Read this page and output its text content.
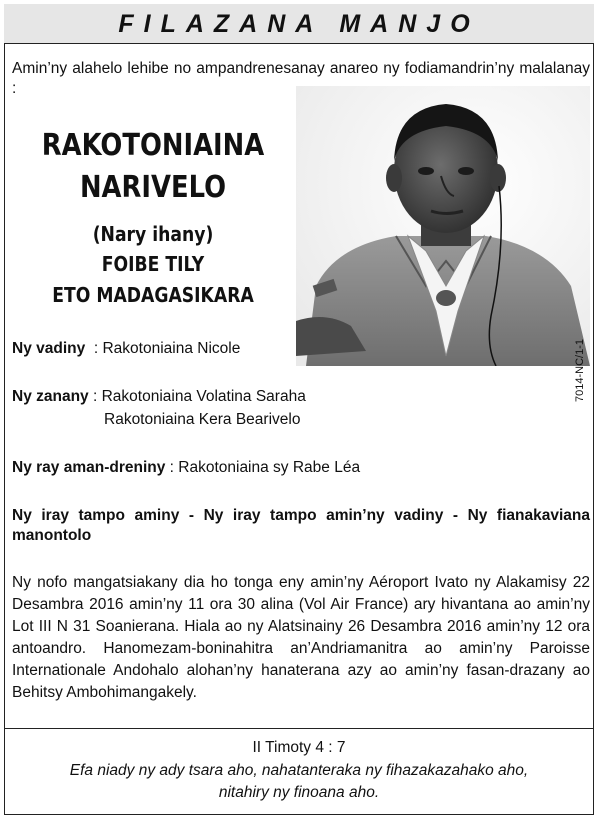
FILAZANA MANJO
Amin’ny alahelo lehibe no ampandrenesanay anareo ny fodiamandrin’ny malalanay :
RAKOTONIAINA
NARIVELO
(Nary ihany)
FOIBE TILY
ETO MADAGASIKARA
Ny vadiny  : Rakotoniaina Nicole
Ny zanany : Rakotoniaina Volatina Saraha
Rakotoniaina Kera Bearivelo
Ny ray aman-dreniny : Rakotoniaina sy Rabe Léa
7014-NC/1-1
Ny iray tampo aminy - Ny iray tampo amin’ny vadiny - Ny fianakaviana manontolo
Ny nofo mangatsiakany dia ho tonga eny amin’ny Aéroport Ivato ny Alakamisy 22 Desambra 2016 amin’ny 11 ora 30 alina (Vol Air France) ary hivantana ao amin’ny Lot III N 31 Soanierana. Hiala ao ny Alatsinainy 26 Desambra 2016 amin’ny 12 ora antoandro. Hanomezam-boninahitra an’Andriamanitra ao amin’ny Paroisse Internationale Andohalo alohan’ny hanaterana azy ao amin’ny fasan-drazany ao Behitsy Ambohimangakely.
II Timoty 4 : 7
Efa niady ny ady tsara aho, nahatanteraka ny fihazakazahako aho,
nitahiry ny finoana aho.
